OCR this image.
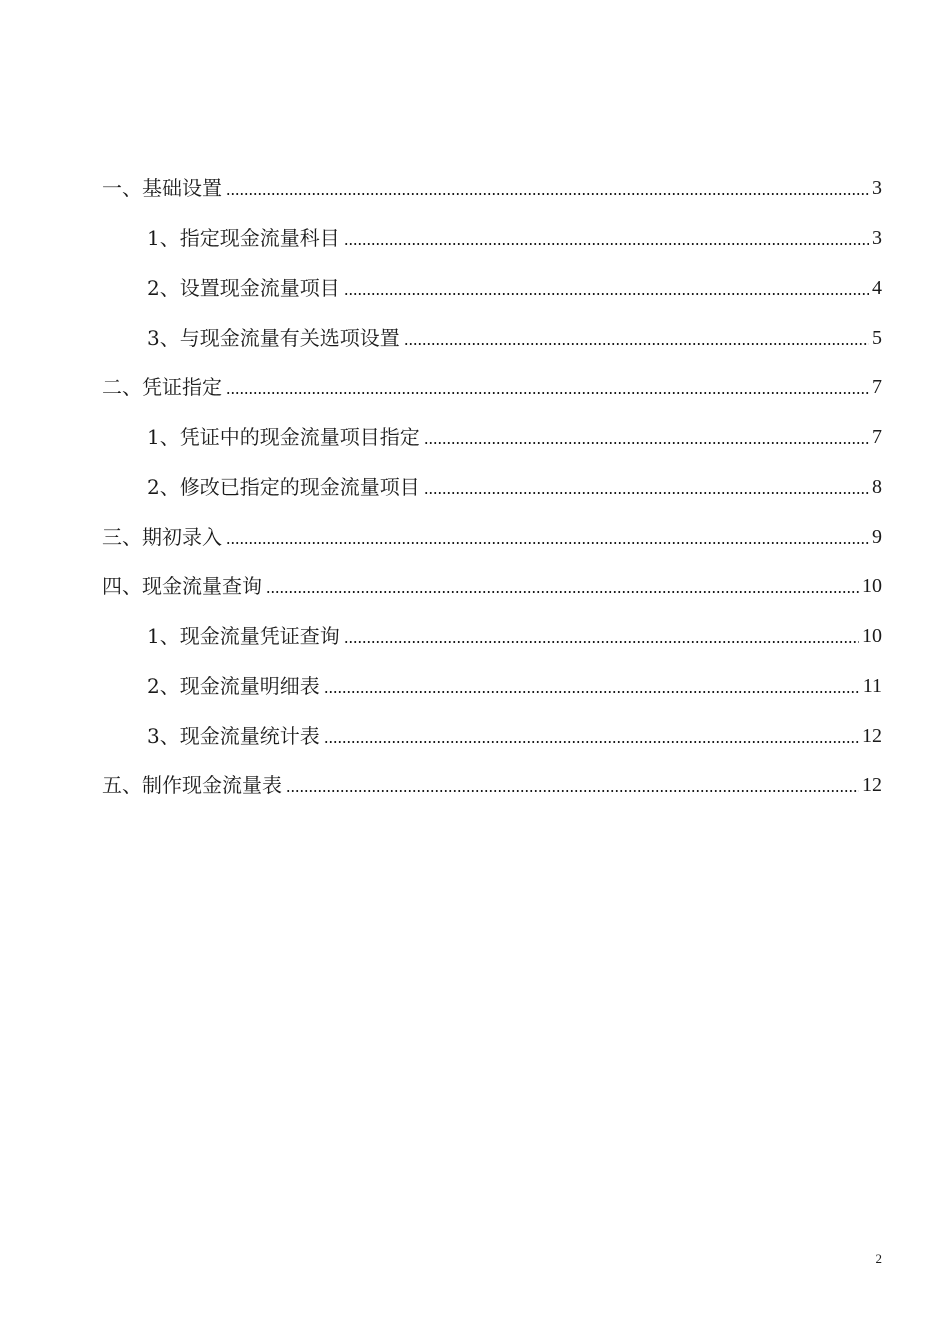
一、基础设置	3
1、指定现金流量科目	3
2、设置现金流量项目	4
3、与现金流量有关选项设置	5
二、凭证指定	7
1、凭证中的现金流量项目指定	7
2、修改已指定的现金流量项目	8
三、期初录入	9
四、现金流量查询	10
1、现金流量凭证查询	10
2、现金流量明细表	11
3、现金流量统计表	12
五、制作现金流量表	12
2
